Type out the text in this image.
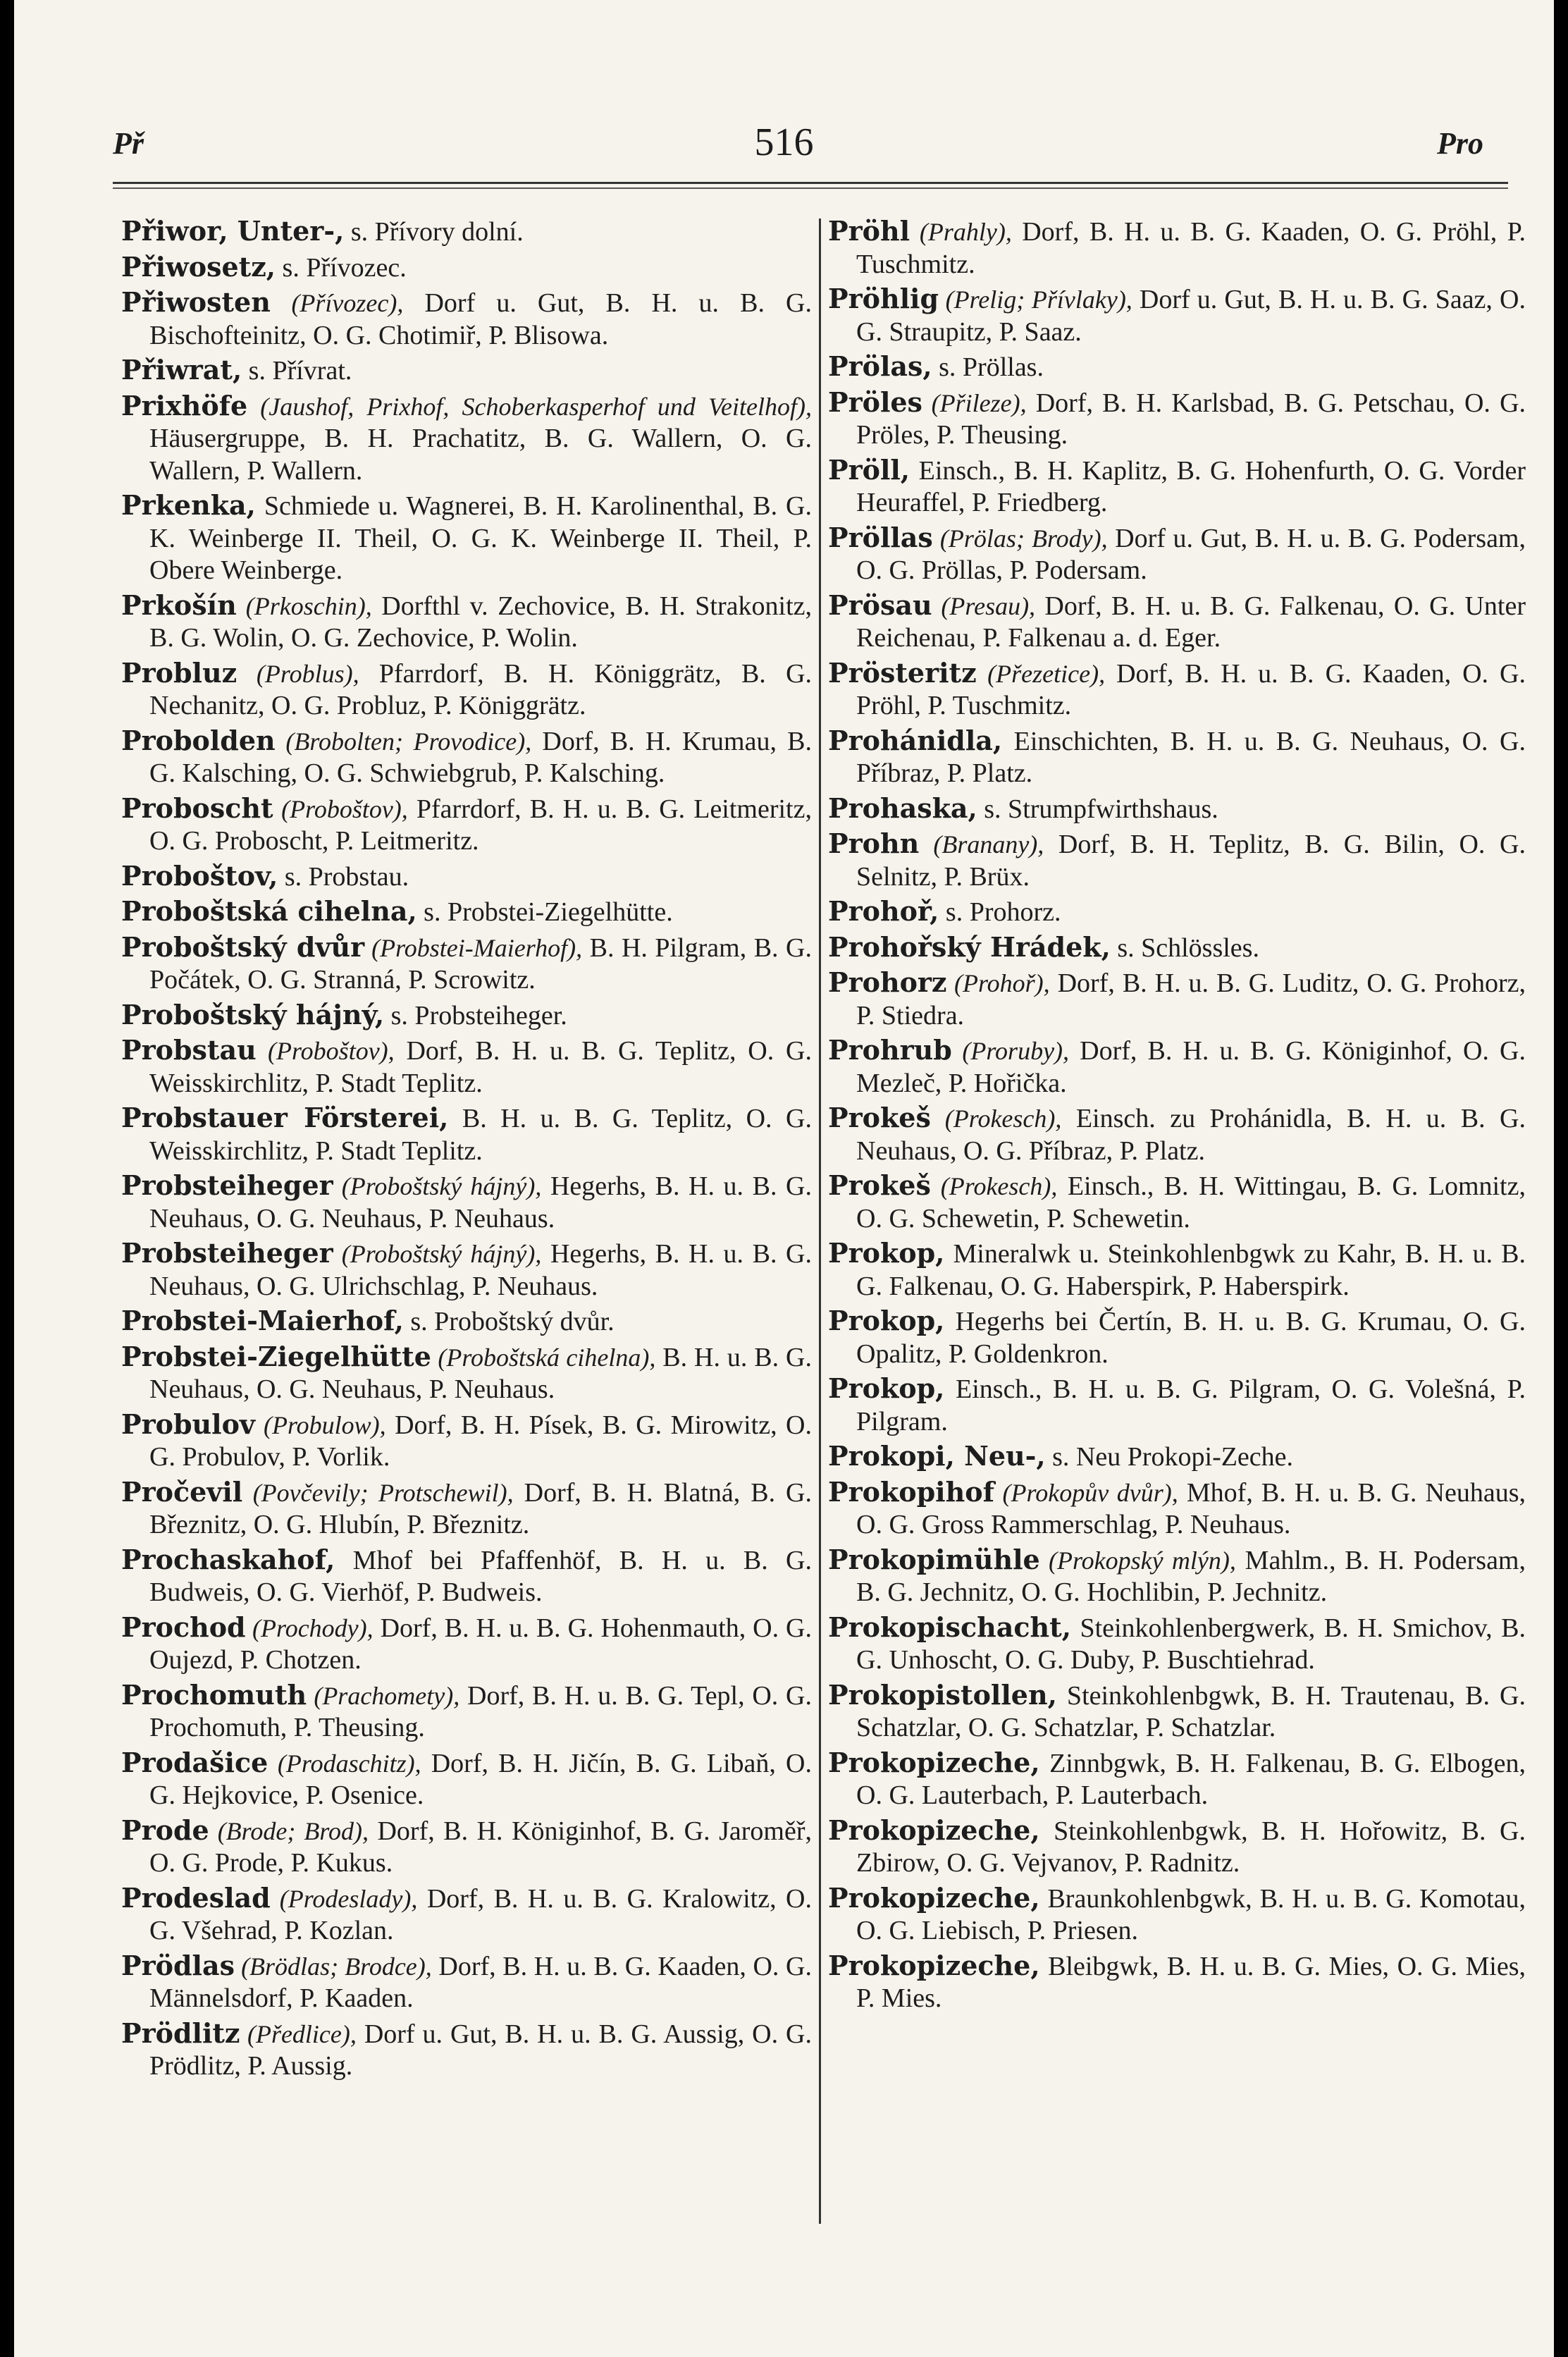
Př	516	Pro

Přiwor, Unter-, s. Přívory dolní.

Přiwosetz, s. Přívozec.

Přiwosten (Přívozec), Dorf u. Gut, B. H. u. B. G. Bischofteinitz, O. G. Chotimiř, P. Blisowa.

Přiwrat, s. Přívrat.

Prixhöfe (Jaushof, Prixhof, Schoberkasperhof und Veitelhof), Häusergruppe, B. H. Prachatitz, B. G. Wallern, O. G. Wallern, P. Wallern.

Prkenka, Schmiede u. Wagnerei, B. H. Karolinenthal, B. G. K. Weinberge II. Theil, O. G. K. Weinberge II. Theil, P. Obere Weinberge.

Prkošín (Prkoschin), Dorfthl v. Zechovice, B. H. Strakonitz, B. G. Wolin, O. G. Zechovice, P. Wolin.

Probluz (Problus), Pfarrdorf, B. H. Königgrätz, B. G. Nechanitz, O. G. Probluz, P. Königgrätz.

Probolden (Brobolten; Provodice), Dorf, B. H. Krumau, B. G. Kalsching, O. G. Schwiebgrub, P. Kalsching.

Probоscht (Proboštov), Pfarrdorf, B. H. u. B. G. Leitmeritz, O. G. Proboscht, P. Leitmeritz.

Proboštov, s. Probstau.

Proboštská cihelna, s. Probstei-Ziegelhütte.

Proboštský dvůr (Probstei-Maierhof), B. H. Pilgram, B. G. Počátek, O. G. Stranná, P. Scrowitz.

Proboštský hájný, s. Probsteiheger.

Probstau (Proboštov), Dorf, B. H. u. B. G. Teplitz, O. G. Weisskirchlitz, P. Stadt Teplitz.

Probstauer Försterei, B. H. u. B. G. Teplitz, O. G. Weisskirchlitz, P. Stadt Teplitz.

Probsteiheger (Proboštský hájný), Hegerhs, B. H. u. B. G. Neuhaus, O. G. Neuhaus, P. Neuhaus.

Probsteiheger (Proboštský hájný), Hegerhs, B. H. u. B. G. Neuhaus, O. G. Ulrichschlag, P. Neuhaus.

Probstei-Maierhof, s. Proboštský dvůr.

Probstei-Ziegelhütte (Proboštská cihelna), B. H. u. B. G. Neuhaus, O. G. Neuhaus, P. Neuhaus.

Probulov (Probulow), Dorf, B. H. Písek, B. G. Mirowitz, O. G. Probulov, P. Vorlik.

Pročevil (Povčevily; Protschewil), Dorf, B. H. Blatná, B. G. Březnitz, O. G. Hlubín, P. Březnitz.

Prochaskahof, Mhof bei Pfaffenhöf, B. H. u. B. G. Budweis, O. G. Vierhöf, P. Budweis.

Prochod (Prochody), Dorf, B. H. u. B. G. Hohenmauth, O. G. Oujezd, P. Chotzen.

Prochomuth (Prachomety), Dorf, B. H. u. B. G. Tepl, O. G. Prochomuth, P. Theusing.

Prodašice (Prodaschitz), Dorf, B. H. Jičín, B. G. Libaň, O. G. Hejkovice, P. Osenice.

Prode (Brode; Brod), Dorf, B. H. Königinhof, B. G. Jaroměř, O. G. Prode, P. Kukus.

Prodeslad (Prodeslady), Dorf, B. H. u. B. G. Kralowitz, O. G. Všehrad, P. Kozlan.

Prödlas (Brödlas; Brodce), Dorf, B. H. u. B. G. Kaaden, O. G. Männelsdorf, P. Kaaden.

Prödlitz (Předlice), Dorf u. Gut, B. H. u. B. G. Aussig, O. G. Prödlitz, P. Aussig.

Pröhl (Prahly), Dorf, B. H. u. B. G. Kaaden, O. G. Pröhl, P. Tuschmitz.

Pröhlig (Prelig; Přívlaky), Dorf u. Gut, B. H. u. B. G. Saaz, O. G. Straupitz, P. Saaz.

Prölas, s. Pröllas.

Pröles (Přileze), Dorf, B. H. Karlsbad, B. G. Petschau, O. G. Pröles, P. Theusing.

Pröll, Einsch., B. H. Kaplitz, B. G. Hohenfurth, O. G. Vorder Heuraffel, P. Friedberg.

Pröllas (Prölas; Brody), Dorf u. Gut, B. H. u. B. G. Podersam, O. G. Pröllas, P. Podersam.

Prösau (Presau), Dorf, B. H. u. B. G. Falkenau, O. G. Unter Reichenau, P. Falkenau a. d. Eger.

Prösteritz (Přezetice), Dorf, B. H. u. B. G. Kaaden, O. G. Pröhl, P. Tuschmitz.

Prohánidla, Einschichten, B. H. u. B. G. Neuhaus, O. G. Příbraz, P. Platz.

Prohaska, s. Strumpfwirthshaus.

Prohn (Branany), Dorf, B. H. Teplitz, B. G. Bilin, O. G. Selnitz, P. Brüx.

Prohoř, s. Prohorz.

Prohořský Hrádek, s. Schlössles.

Prohorz (Prohoř), Dorf, B. H. u. B. G. Luditz, O. G. Prohorz, P. Stiedra.

Prohrub (Proruby), Dorf, B. H. u. B. G. Königinhof, O. G. Mezleč, P. Hořička.

Prokeš (Prokesch), Einsch. zu Prohánidla, B. H. u. B. G. Neuhaus, O. G. Příbraz, P. Platz.

Prokeš (Prokesch), Einsch., B. H. Wittingau, B. G. Lomnitz, O. G. Schewetin, P. Schewetin.

Prokop, Mineralwk u. Steinkohlenbgwk zu Kahr, B. H. u. B. G. Falkenau, O. G. Haberspirk, P. Haberspirk.

Prokop, Hegerhs bei Čertín, B. H. u. B. G. Krumau, O. G. Opalitz, P. Goldenkron.

Prokop, Einsch., B. H. u. B. G. Pilgram, O. G. Volešná, P. Pilgram.

Prokopi, Neu-, s. Neu Prokopi-Zeche.

Prokopihof (Prokopův dvůr), Mhof, B. H. u. B. G. Neuhaus, O. G. Gross Rammerschlag, P. Neuhaus.

Prokopimühle (Prokopský mlýn), Mahlm., B. H. Podersam, B. G. Jechnitz, O. G. Hochlibin, P. Jechnitz.

Prokopischacht, Steinkohlenbergwerk, B. H. Smichov, B. G. Unhoscht, O. G. Duby, P. Buschtiehrad.

Prokopistollen, Steinkohlenbgwk, B. H. Trautenau, B. G. Schatzlar, O. G. Schatzlar, P. Schatzlar.

Prokopizeche, Zinnbgwk, B. H. Falkenau, B. G. Elbogen, O. G. Lauterbach, P. Lauterbach.

Prokopizeche, Steinkohlenbgwk, B. H. Hořowitz, B. G. Zbirow, O. G. Vejvanov, P. Radnitz.

Prokopizeche, Braunkohlenbgwk, B. H. u. B. G. Komotau, O. G. Liebisch, P. Priesen.

Prokopizeche, Bleibgwk, B. H. u. B. G. Mies, O. G. Mies, P. Mies.
